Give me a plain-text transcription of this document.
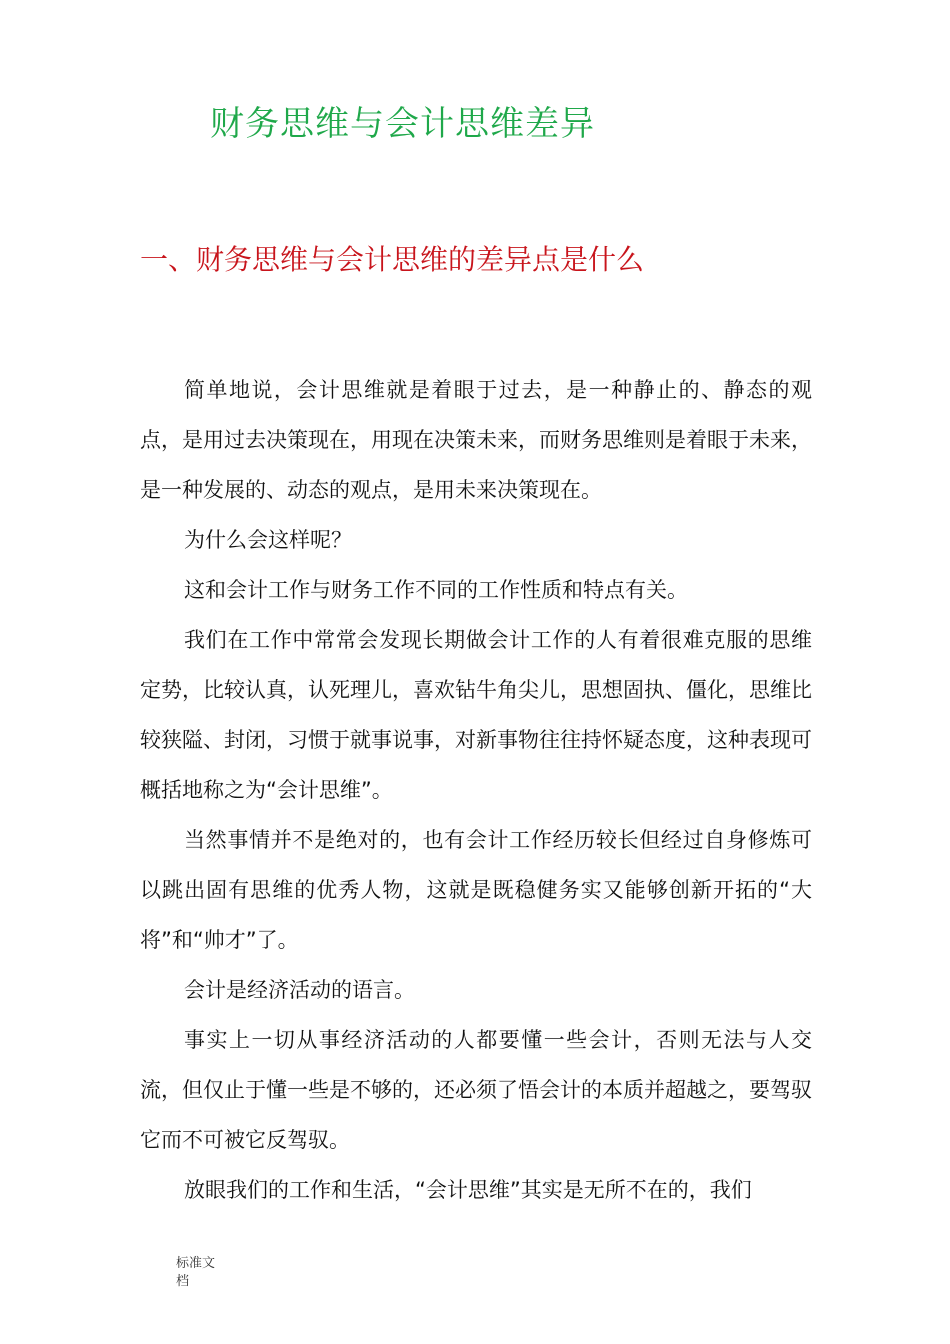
财务思维与会计思维差异
一、财务思维与会计思维的差异点是什么

简单地说，会计思维就是着眼于过去，是一种静止的、静态的观点，是用过去决策现在，用现在决策未来，而财务思维则是着眼于未来，是一种发展的、动态的观点，是用未来决策现在。

为什么会这样呢？

这和会计工作与财务工作不同的工作性质和特点有关。

我们在工作中常常会发现长期做会计工作的人有着很难克服的思维定势，比较认真，认死理儿，喜欢钻牛角尖儿，思想固执、僵化，思维比较狭隘、封闭，习惯于就事说事，对新事物往往持怀疑态度，这种表现可概括地称之为“会计思维”。

当然事情并不是绝对的，也有会计工作经历较长但经过自身修炼可以跳出固有思维的优秀人物，这就是既稳健务实又能够创新开拓的“大将”和“帅才”了。

会计是经济活动的语言。

事实上一切从事经济活动的人都要懂一些会计，否则无法与人交流，但仅止于懂一些是不够的，还必须了悟会计的本质并超越之，要驾驭它而不可被它反驾驭。

放眼我们的工作和生活，“会计思维”其实是无所不在的，我们

标准文档
